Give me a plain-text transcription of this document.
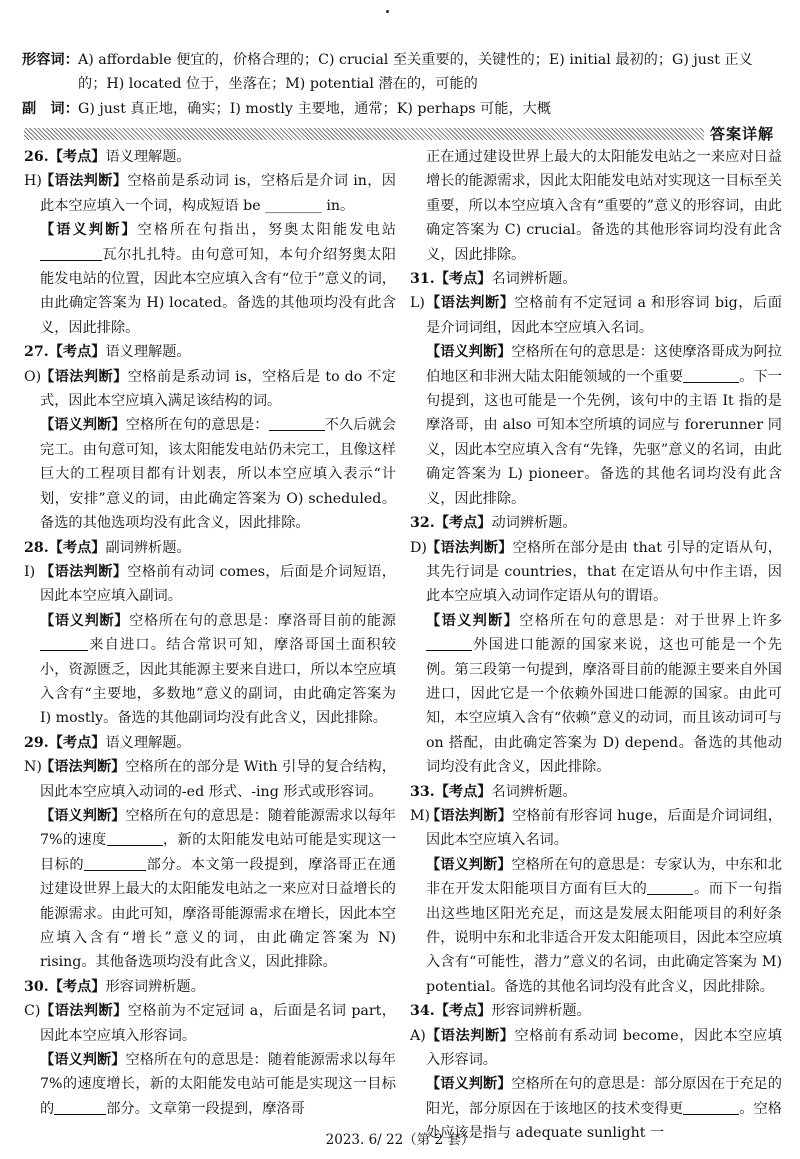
形容词： A) affordable 便宜的，价格合理的；C) crucial 至关重要的，关键性的；E) initial 最初的；G) just 正义
的；H) located 位于，坐落在；M) potential 潜在的，可能的
副　词： G) just 真正地，确实；I) mostly 主要地，通常；K) perhaps 可能，大概
答案详解

26.【考点】语义理解题。

H)
【语法判断】空格前是系动词 is，空格后是介词 in，因此本空应填入一个词，构成短语 be ________ in。

【语义判断】空格所在句指出，努奥太阳能发电站瓦尔扎扎特。由句意可知，本句介绍努奥太阳能发电站的位置，因此本空应填入含有“位于”意义的词，由此确定答案为 H) located。备选的其他项均没有此含义，因此排除。

27.【考点】语义理解题。

O)
【语法判断】空格前是系动词 is，空格后是 to do 不定式，因此本空应填入满足该结构的词。

【语义判断】空格所在句的意思是：	不久后就会完工。由句意可知，该太阳能发电站仍未完工，且像这样巨大的工程项目都有计划表，所以本空应填入表示“计划，安排”意义的词，由此确定答案为 O) scheduled。备选的其他选项均没有此含义，因此排除。

28.【考点】副词辨析题。

I) 【语法判断】空格前有动词 comes，后面是介词短语，因此本空应填入副词。

【语义判断】空格所在句的意思是：摩洛哥目前的能源来自进口。结合常识可知，摩洛哥国土面积较小，资源匮乏，因此其能源主要来自进口，所以本空应填入含有“主要地，多数地”意义的副词，由此确定答案为 I) mostly。备选的其他副词均没有此含义，因此排除。

29.【考点】语义理解题。

N)
【语法判断】空格所在的部分是 With 引导的复合结构，因此本空应填入动词的-ed 形式、-ing 形式或形容词。

【语义判断】空格所在句的意思是：随着能源需求以每年 7%的速度	，新的太阳能发电站可能是实现这一目标的	部分。本文第一段提到，摩洛哥正在通过建设世界上最大的太阳能发电站之一来应对日益增长的能源需求。由此可知，摩洛哥能源需求在增长，因此本空应填入含有“增长”意义的词，由此确定答案为 N) rising。其他备选项均没有此含义，因此排除。

30.【考点】形容词辨析题。

C) 【语法判断】空格前为不定冠词 a，后面是名词 part，因此本空应填入形容词。

【语义判断】空格所在句的意思是：随着能源需求以每年 7%的速度增长，新的太阳能发电站可能是实现这一目标的	部分。文章第一段提到，摩洛哥

正在通过建设世界上最大的太阳能发电站之一来应对日益增长的能源需求，因此太阳能发电站对实现这一目标至关重要，所以本空应填入含有“重要的”意义的形容词，由此确定答案为 C) crucial。备选的其他形容词均没有此含义，因此排除。

31.【考点】名词辨析题。

L) 【语法判断】空格前有不定冠词 a 和形容词 big，后面是介词词组，因此本空应填入名词。

【语义判断】空格所在句的意思是：这使摩洛哥成为阿拉伯地区和非洲大陆太阳能领域的一个重要	。下一句提到，这也可能是一个先例，该句中的主语 It 指的是摩洛哥，由 also 可知本空所填的词应与 forerunner 同义，因此本空应填入含有“先锋，先驱”意义的名词，由此确定答案为 L) pioneer。备选的其他名词均没有此含义，因此排除。

32.【考点】动词辨析题。

D) 【语法判断】空格所在部分是由 that 引导的定语从句，其先行词是 countries，that 在定语从句中作主语，因此本空应填入动词作定语从句的谓语。

【语义判断】空格所在句的意思是：对于世界上许多外国进口能源的国家来说，这也可能是一个先例。第三段第一句提到，摩洛哥目前的能源主要来自外国进口，因此它是一个依赖外国进口能源的国家。由此可知，本空应填入含有“依赖”意义的动词，而且该动词可与 on 搭配，由此确定答案为 D) depend。备选的其他动词均没有此含义，因此排除。

33.【考点】名词辨析题。

M)
【语法判断】空格前有形容词 huge，后面是介词词组，因此本空应填入名词。

【语义判断】空格所在句的意思是：专家认为，中东和北非在开发太阳能项目方面有巨大的	。而下一句指出这些地区阳光充足，而这是发展太阳能项目的利好条件，说明中东和北非适合开发太阳能项目，因此本空应填入含有“可能性，潜力”意义的名词，由此确定答案为 M) potential。备选的其他名词均没有此含义，因此排除。

34.【考点】形容词辨析题。

A) 【语法判断】空格前有系动词 become，因此本空应填入形容词。

【语义判断】空格所在句的意思是：部分原因在于充足的阳光，部分原因在于该地区的技术变得更	。空格处应该是指与 adequate sunlight 一

2023. 6/ 22（第 2 套）
